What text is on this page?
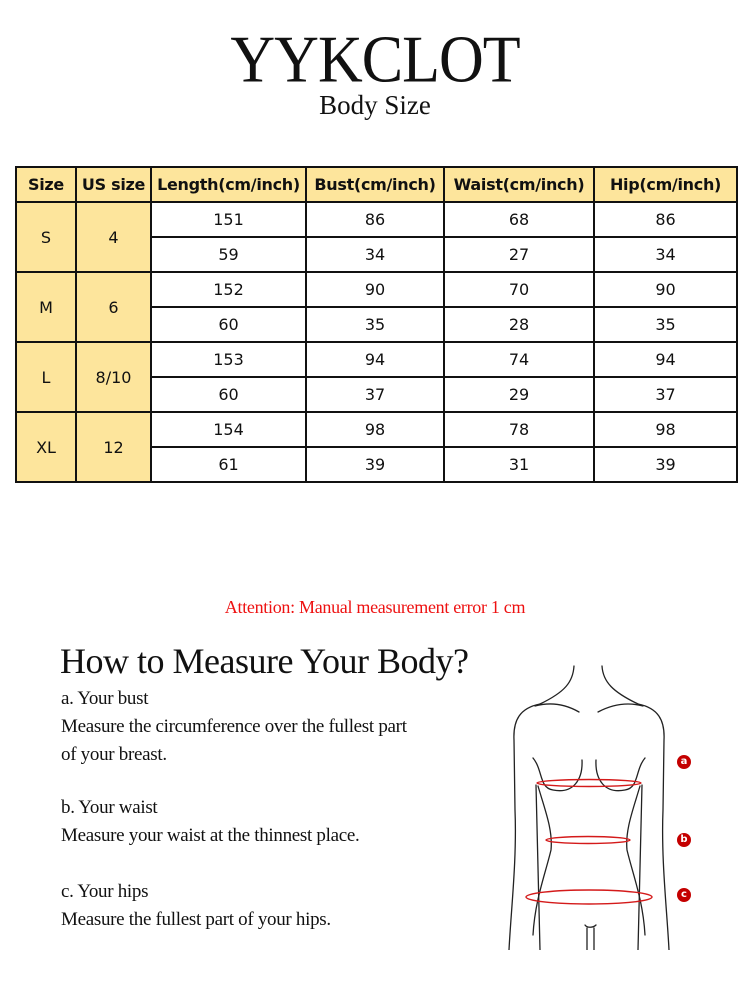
YYKCLOT
Body Size
Size	US size	Length(cm/inch)	Bust(cm/inch)	Waist(cm/inch)	Hip(cm/inch)
S	4	151	86	68	86
		59	34	27	34
M	6	152	90	70	90
		60	35	28	35
L	8/10	153	94	74	94
		60	37	29	37
XL	12	154	98	78	98
		61	39	31	39
Attention: Manual measurement error 1 cm
How to Measure Your Body?
a. Your bust
Measure the circumference over the fullest part
of your breast.
b. Your waist
Measure your waist at the thinnest place.
c. Your hips
Measure the fullest part of your hips.
a
b
c
